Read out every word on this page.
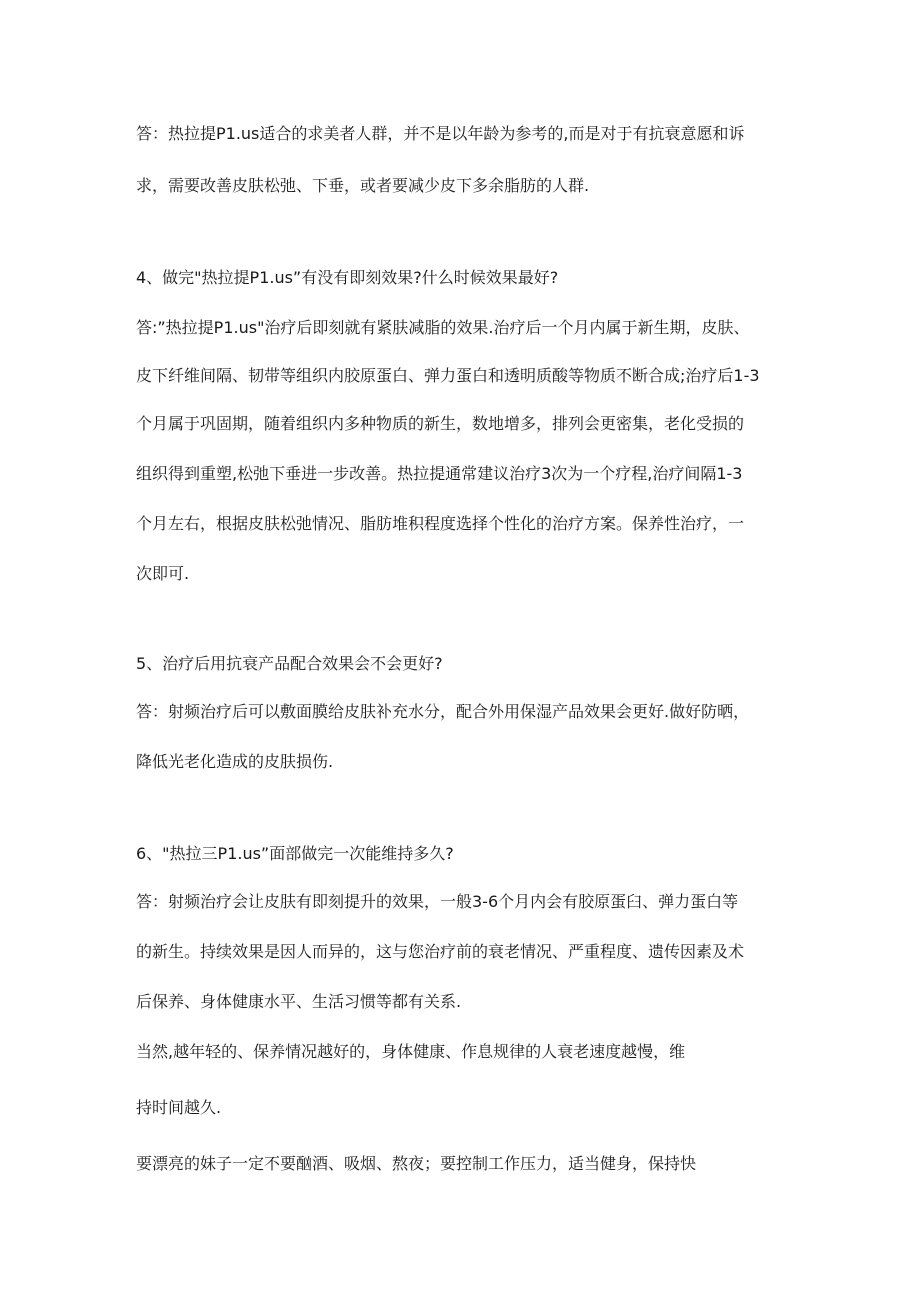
答：热拉提P1.us适合的求美者人群，并不是以年龄为参考的,而是对于有抗衰意愿和诉
求，需要改善皮肤松弛、下垂，或者要减少皮下多余脂肪的人群.
4、做完"热拉提P1.us”有没有即刻效果?什么时候效果最好?
答:”热拉提P1.us"治疗后即刻就有紧肤减脂的效果.治疗后一个月内属于新生期，皮肤、
皮下纤维间隔、韧带等组织内胶原蛋白、弹力蛋白和透明质酸等物质不断合成;治疗后1-3
个月属于巩固期，随着组织内多种物质的新生，数地增多，排列会更密集，老化受损的
组织得到重塑,松弛下垂进一步改善。热拉提通常建议治疗3次为一个疗程,治疗间隔1-3
个月左右，根据皮肤松弛情况、脂肪堆积程度选择个性化的治疗方案。保养性治疗，一
次即可.
5、治疗后用抗衰产品配合效果会不会更好?
答：射频治疗后可以敷面膜给皮肤补充水分，配合外用保湿产品效果会更好.做好防晒，
降低光老化造成的皮肤损伤.
6、"热拉三P1.us”面部做完一次能维持多久?
答：射频治疗会让皮肤有即刻提升的效果，一般3-6个月内会有胶原蛋臼、弹力蛋白等
的新生。持续效果是因人而异的，这与您治疗前的衰老情况、严重程度、遗传因素及术
后保养、身体健康水平、生活习惯等都有关系.
当然,越年轻的、保养情况越好的，身体健康、作息规律的人衰老速度越慢，维
持时间越久.
要漂亮的妹子一定不要酗酒、吸烟、熬夜；要控制工作压力，适当健身，保持快
